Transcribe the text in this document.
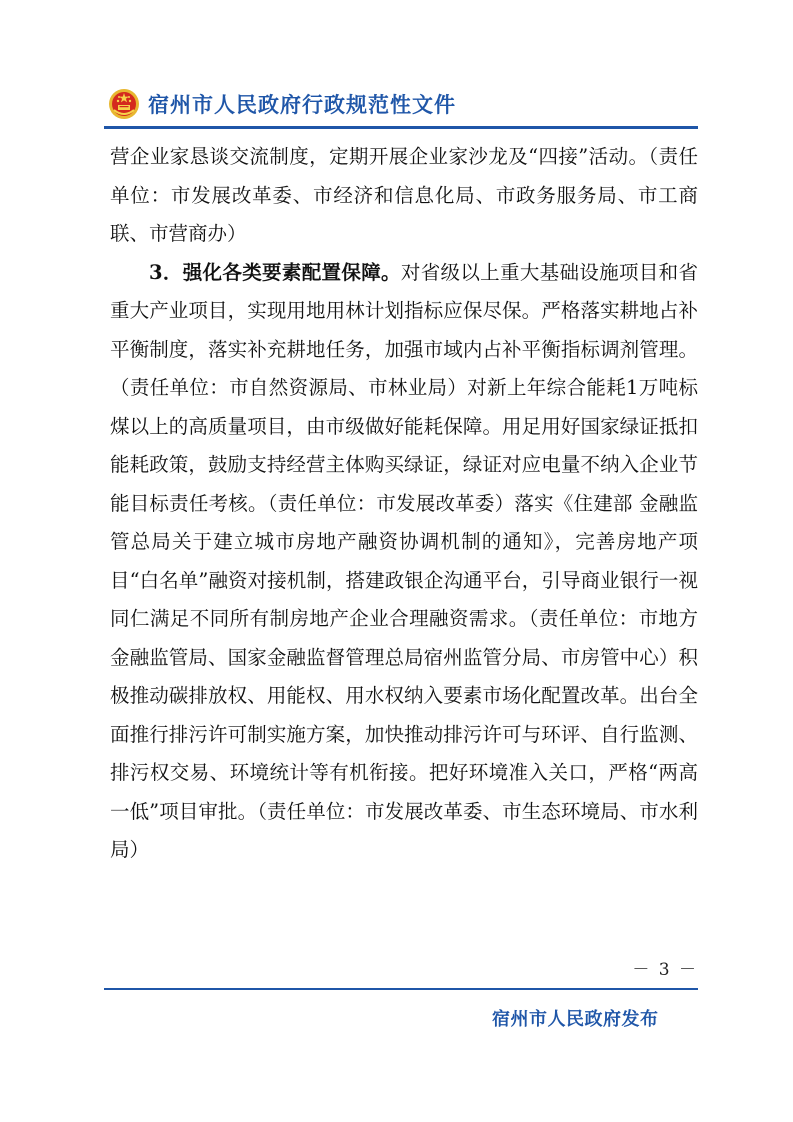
宿州市人民政府行政规范性文件

营企业家恳谈交流制度，定期开展企业家沙龙及“四接”活动。（责任单位：市发展改革委、市经济和信息化局、市政务服务局、市工商联、市营商办）

3．强化各类要素配置保障。对省级以上重大基础设施项目和省重大产业项目，实现用地用林计划指标应保尽保。严格落实耕地占补平衡制度，落实补充耕地任务，加强市域内占补平衡指标调剂管理。（责任单位：市自然资源局、市林业局）对新上年综合能耗1万吨标煤以上的高质量项目，由市级做好能耗保障。用足用好国家绿证抵扣能耗政策，鼓励支持经营主体购买绿证，绿证对应电量不纳入企业节能目标责任考核。（责任单位：市发展改革委）落实《住建部 金融监管总局关于建立城市房地产融资协调机制的通知》，完善房地产项目“白名单”融资对接机制，搭建政银企沟通平台，引导商业银行一视同仁满足不同所有制房地产企业合理融资需求。（责任单位：市地方金融监管局、国家金融监督管理总局宿州监管分局、市房管中心）积极推动碳排放权、用能权、用水权纳入要素市场化配置改革。出台全面推行排污许可制实施方案，加快推动排污许可与环评、自行监测、排污权交易、环境统计等有机衔接。把好环境准入关口，严格“两高一低”项目审批。（责任单位：市发展改革委、市生态环境局、市水利局）

－ 3 －
宿州市人民政府发布
